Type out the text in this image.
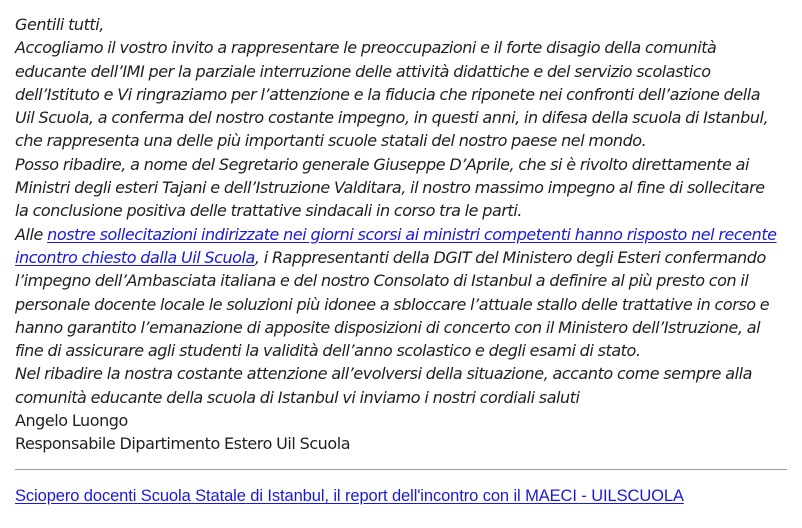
Gentili tutti,
Accogliamo il vostro invito a rappresentare le preoccupazioni e il forte disagio della comunità
educante dell’IMI per la parziale interruzione delle attività didattiche e del servizio scolastico
dell’Istituto e Vi ringraziamo per l’attenzione e la fiducia che riponete nei confronti dell’azione della
Uil Scuola, a conferma del nostro costante impegno, in questi anni, in difesa della scuola di Istanbul,
che rappresenta una delle più importanti scuole statali del nostro paese nel mondo.
Posso ribadire, a nome del Segretario generale Giuseppe D’Aprile, che si è rivolto direttamente ai
Ministri degli esteri Tajani e dell’Istruzione Valditara, il nostro massimo impegno al fine di sollecitare
la conclusione positiva delle trattative sindacali in corso tra le parti.
Alle nostre sollecitazioni indirizzate nei giorni scorsi ai ministri competenti hanno risposto nel recente
incontro chiesto dalla Uil Scuola, i Rappresentanti della DGIT del Ministero degli Esteri confermando
l’impegno dell’Ambasciata italiana e del nostro Consolato di Istanbul a definire al più presto con il
personale docente locale le soluzioni più idonee a sbloccare l’attuale stallo delle trattative in corso e
hanno garantito l’emanazione di apposite disposizioni di concerto con il Ministero dell’Istruzione, al
fine di assicurare agli studenti la validità dell’anno scolastico e degli esami di stato.
Nel ribadire la nostra costante attenzione all’evolversi della situazione, accanto come sempre alla
comunità educante della scuola di Istanbul vi inviamo i nostri cordiali saluti
Angelo Luongo
Responsabile Dipartimento Estero Uil Scuola
Sciopero docenti Scuola Statale di Istanbul, il report dell'incontro con il MAECI - UILSCUOLA
